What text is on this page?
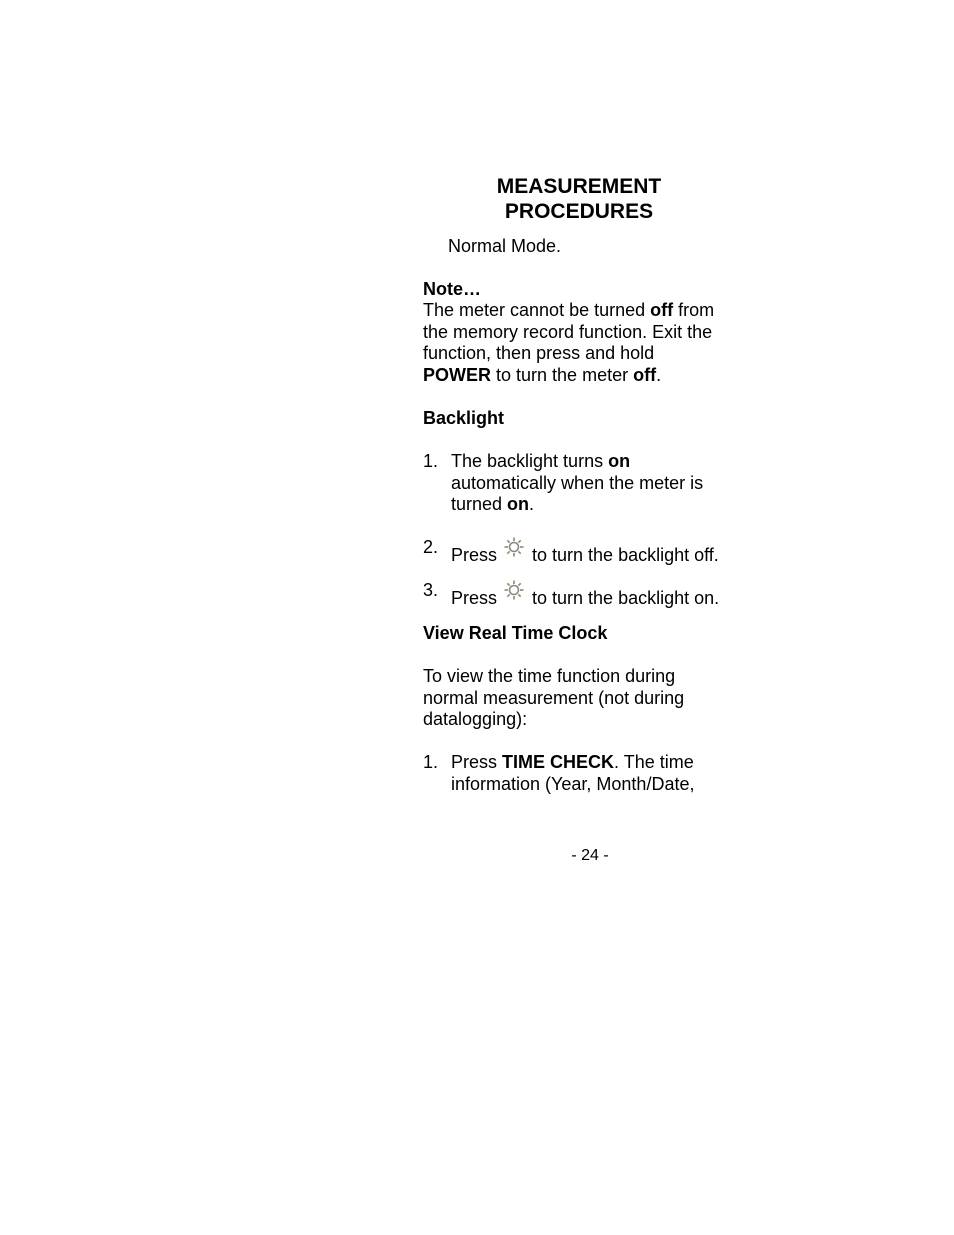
MEASUREMENT
PROCEDURES
Normal Mode.
Note…
The meter cannot be turned off from
the memory record function. Exit the
function, then press and hold
POWER to turn the meter off.
Backlight
1. The backlight turns on
automatically when the meter is
turned on.
2. Press to turn the backlight off.
3. Press to turn the backlight on.
View Real Time Clock
To view the time function during
normal measurement (not during
datalogging):
1. Press TIME CHECK. The time
information (Year, Month/Date,
- 24 -
